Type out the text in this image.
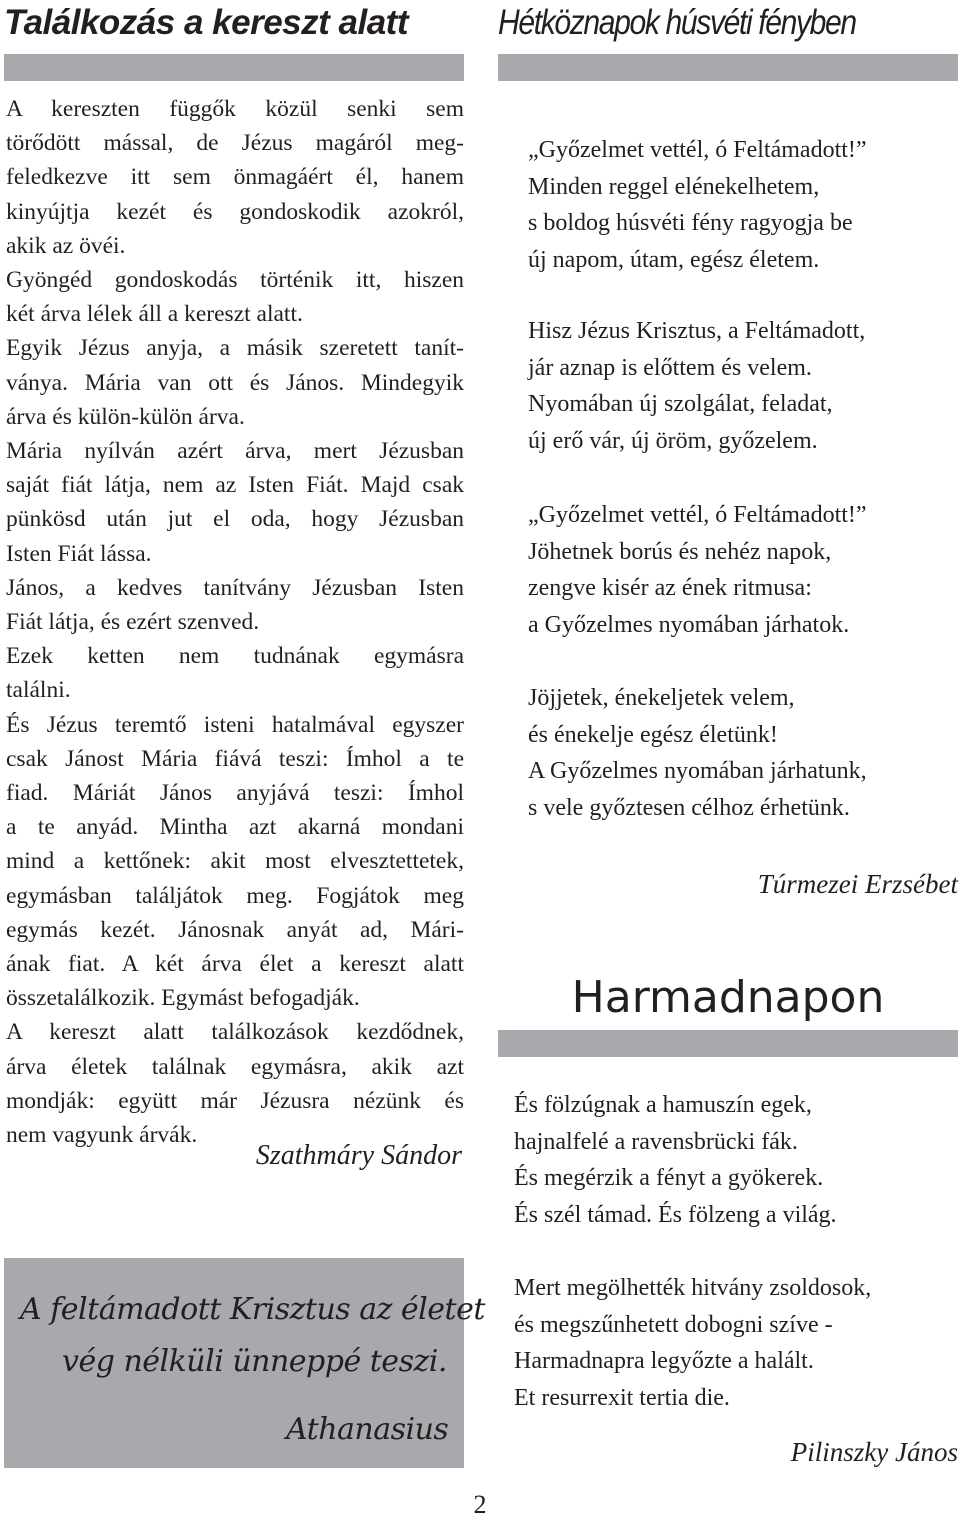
Találkozás a kereszt alatt
A kereszten függők közül senki sem
törődött mással, de Jézus magáról meg-
feledkezve itt sem önmagáért él, hanem
kinyújtja kezét és gondoskodik azokról,
akik az övéi.
Gyöngéd gondoskodás történik itt, hiszen
két árva lélek áll a kereszt alatt.
Egyik Jézus anyja, a másik szeretett tanít-
ványa. Mária van ott és János. Mindegyik
árva és külön-külön árva.
Mária nyílván azért árva, mert Jézusban
saját fiát látja, nem az Isten Fiát. Majd csak
pünkösd után jut el oda, hogy Jézusban
Isten Fiát lássa.
János, a kedves tanítvány Jézusban Isten
Fiát látja, és ezért szenved.
Ezek ketten nem tudnának egymásra
találni.
És Jézus teremtő isteni hatalmával egyszer
csak Jánost Mária fiává teszi: Ímhol a te
fiad. Máriát János anyjává teszi: Ímhol
a te anyád. Mintha azt akarná mondani
mind a kettőnek: akit most elvesztettetek,
egymásban találjátok meg. Fogjátok meg
egymás kezét. Jánosnak anyát ad, Mári-
ának fiat. A két árva élet a kereszt alatt
összetalálkozik. Egymást befogadják.
A kereszt alatt találkozások kezdődnek,
árva életek találnak egymásra, akik azt
mondják: együtt már Jézusra nézünk és
nem vagyunk árvák.
Szathmáry Sándor
A feltámadott Krisztus az életet
vég nélküli ünneppé teszi.
Athanasius
Hétköznapok húsvéti fényben
„Győzelmet vettél, ó Feltámadott!”
Minden reggel elénekelhetem,
s boldog húsvéti fény ragyogja be
új napom, útam, egész életem.
Hisz Jézus Krisztus, a Feltámadott,
jár aznap is előttem és velem.
Nyomában új szolgálat, feladat,
új erő vár, új öröm, győzelem.
„Győzelmet vettél, ó Feltámadott!”
Jöhetnek borús és nehéz napok,
zengve kisér az ének ritmusa:
a Győzelmes nyomában járhatok.
Jöjjetek, énekeljetek velem,
és énekelje egész életünk!
A Győzelmes nyomában járhatunk,
s vele győztesen célhoz érhetünk.
Túrmezei Erzsébet
Harmadnapon
És fölzúgnak a hamuszín egek,
hajnalfelé a ravensbrücki fák.
És megérzik a fényt a gyökerek.
És szél támad. És fölzeng a világ.
Mert megölhették hitvány zsoldosok,
és megszűnhetett dobogni szíve -
Harmadnapra legyőzte a halált.
Et resurrexit tertia die.
Pilinszky János
2
